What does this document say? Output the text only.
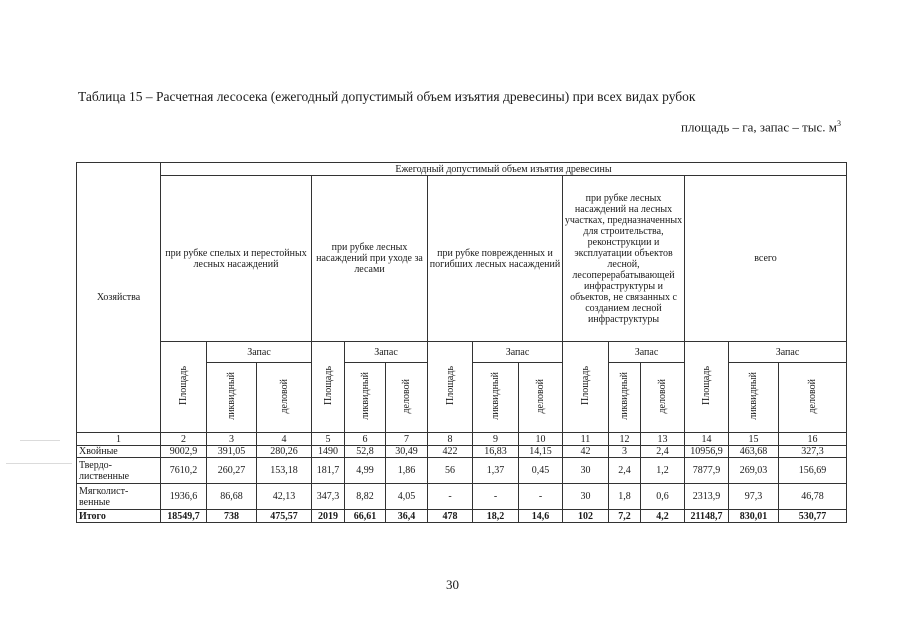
Таблица 15 – Расчетная лесосека (ежегодный допустимый объем изъятия древесины) при всех видах рубок
площадь – га, запас – тыс. $м^3$
Хозяйства	Ежегодный допустимый объем изъятия древесины														
	при рубке спелых и перестойных лесных насаждений			при рубке лесных насаждений при уходе за лесами			при рубке поврежденных и погибших лесных насаждений			при рубке лесных насаждений на лесных участках, предназначенных для строительства, реконструкции и эксплуатации объектов лесной, лесоперерабатывающей инфраструктуры и объектов, не связанных с созданием лесной инфраструктуры			всего		
	Площадь	Запас		Площадь	Запас		Площадь	Запас		Площадь	Запас		Площадь	Запас	
		ликвидный	деловой		ликвидный	деловой		ликвидный	деловой		ликвидный	деловой		ликвидный	деловой
1	2	3	4	5	6	7	8	9	10	11	12	13	14	15	16
Хвойные	9002,9	391,05	280,26	1490	52,8	30,49	422	16,83	14,15	42	3	2,4	10956,9	463,68	327,3
Твердо-лиственные	7610,2	260,27	153,18	181,7	4,99	1,86	56	1,37	0,45	30	2,4	1,2	7877,9	269,03	156,69
Мягколист-венные	1936,6	86,68	42,13	347,3	8,82	4,05	-	-	-	30	1,8	0,6	2313,9	97,3	46,78
Итого	18549,7	738	475,57	2019	66,61	36,4	478	18,2	14,6	102	7,2	4,2	21148,7	830,01	530,77
30
